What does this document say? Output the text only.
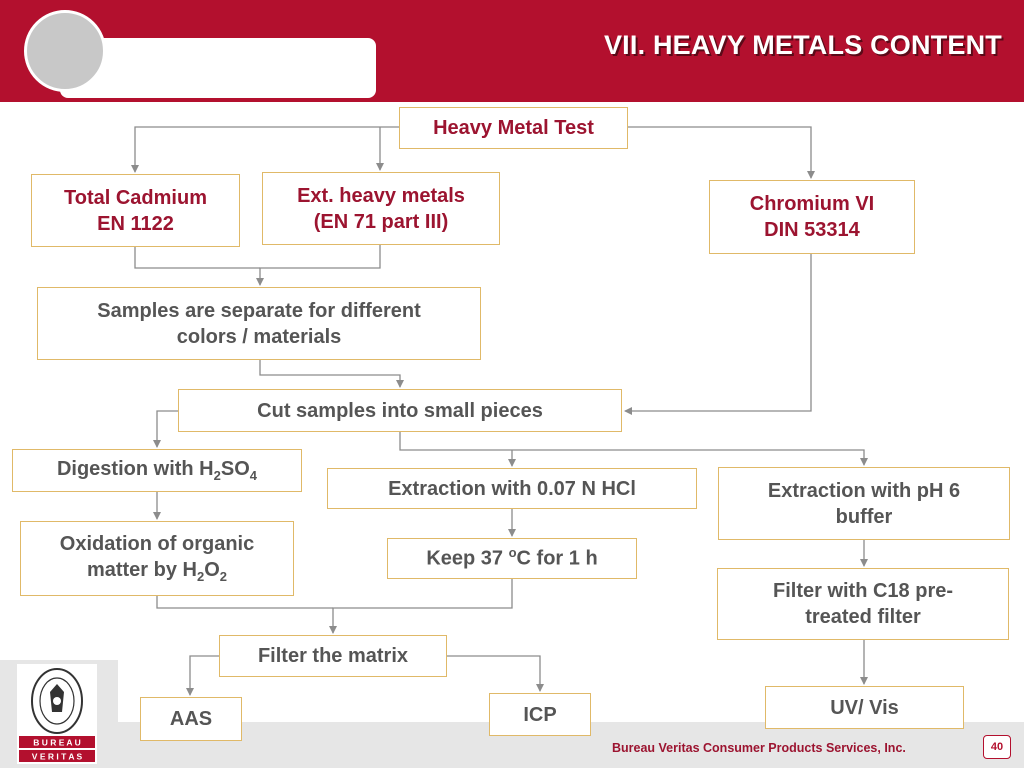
VII. HEAVY METALS CONTENT
B U R E A U
V E R I T A S
Bureau Veritas Consumer Products Services, Inc.	40
Heavy Metal Test
Total Cadmium
EN 1122
Ext. heavy metals
(EN 71 part III)
Chromium VI
DIN 53314
Samples are separate for different
colors / materials
Cut samples into small pieces
Digestion with $H_2SO_4$
Extraction with 0.07 N HCl	Extraction with pH 6
buffer
Oxidation of organic
matter by $H_2O_2$
Keep 37 $^o$C for 1 h
Filter with C18 pre-
treated filter
Filter the matrix
AAS	ICP	UV/ Vis
